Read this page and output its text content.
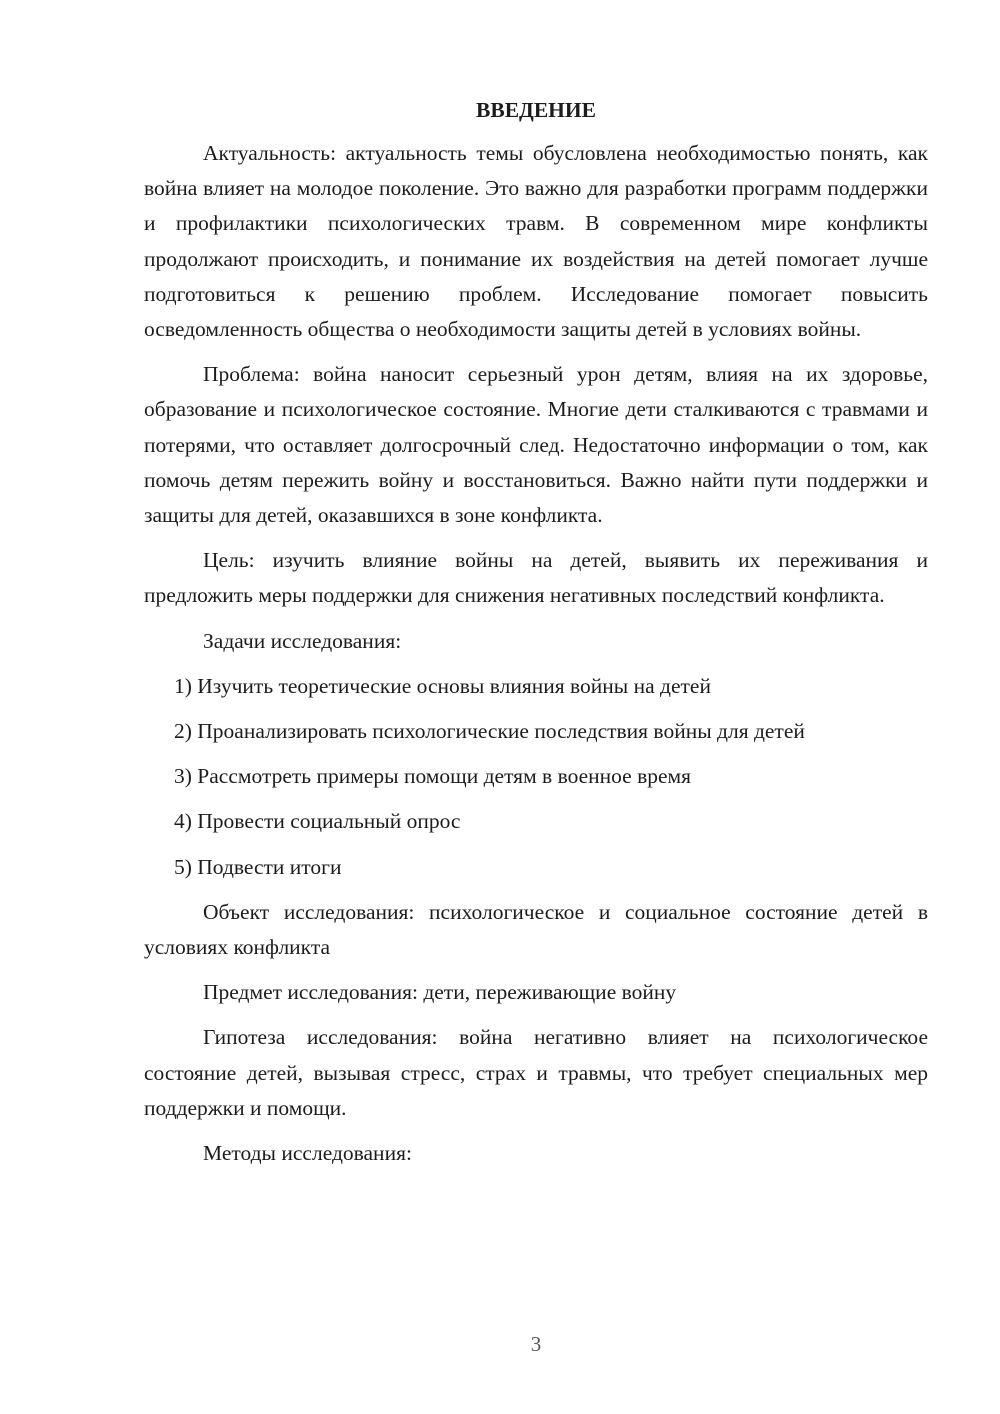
ВВЕДЕНИЕ

Актуальность: актуальность темы обусловлена необходимостью понять, как война влияет на молодое поколение. Это важно для разработки программ поддержки и профилактики психологических травм. В современном мире конфликты продолжают происходить, и понимание их воздействия на детей помогает лучше подготовиться к решению проблем. Исследование помогает повысить осведомленность общества о необходимости защиты детей в условиях войны.

Проблема: война наносит серьезный урон детям, влияя на их здоровье, образование и психологическое состояние. Многие дети сталкиваются с травмами и потерями, что оставляет долгосрочный след. Недостаточно информации о том, как помочь детям пережить войну и восстановиться. Важно найти пути поддержки и защиты для детей, оказавшихся в зоне конфликта.

Цель: изучить влияние войны на детей, выявить их переживания и предложить меры поддержки для снижения негативных последствий конфликта.

Задачи исследования:

1) Изучить теоретические основы влияния войны на детей
2) Проанализировать психологические последствия войны для детей
3) Рассмотреть примеры помощи детям в военное время
4) Провести социальный опрос
5) Подвести итоги

Объект исследования: психологическое и социальное состояние детей в условиях конфликта

Предмет исследования: дети, переживающие войну

Гипотеза исследования: война негативно влияет на психологическое состояние детей, вызывая стресс, страх и травмы, что требует специальных мер поддержки и помощи.

Методы исследования:

3
